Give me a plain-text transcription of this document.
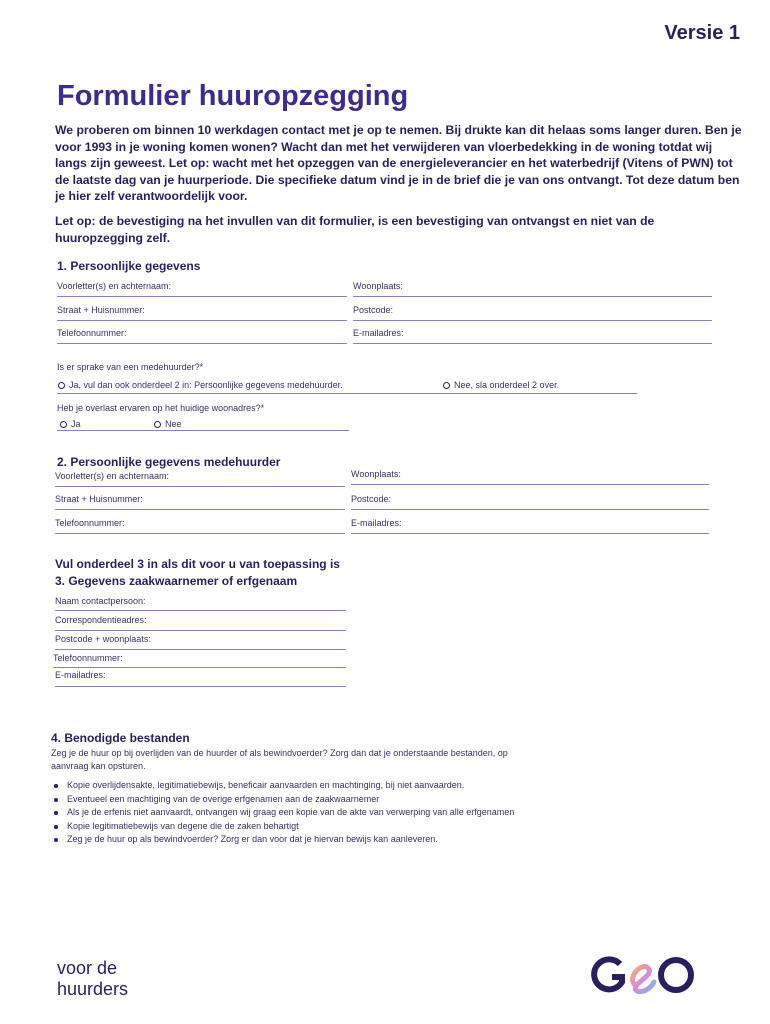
Versie 1
Formulier huuropzegging
We proberen om binnen 10 werkdagen contact met je op te nemen. Bij drukte kan dit helaas soms langer duren. Ben je voor 1993 in je woning komen wonen? Wacht dan met het verwijderen van vloerbedekking in de woning totdat wij langs zijn geweest. Let op: wacht met het opzeggen van de energieleverancier en het waterbedrijf (Vitens of PWN) tot de laatste dag van je huurperiode. Die specifieke datum vind je in de brief die je van ons ontvangt. Tot deze datum ben je hier zelf verantwoordelijk voor.
Let op: de bevestiging na het invullen van dit formulier, is een bevestiging van ontvangst en niet van de huuropzegging zelf.
1. Persoonlijke gegevens
Voorletter(s) en achternaam:	Woonplaats:
Straat + Huisnummer:	Postcode:
Telefoonnummer:	E-mailadres:
Is er sprake van een medehuurder?*
Ja, vul dan ook onderdeel 2 in: Persoonlijke gegevens medehuurder.	Nee, sla onderdeel 2 over.
Heb je overlast ervaren op het huidige woonadres?*
Ja	Nee
2. Persoonlijke gegevens medehuurder
Voorletter(s) en achternaam:	Woonplaats:
Straat + Huisnummer:	Postcode:
Telefoonnummer:	E-mailadres:
Vul onderdeel 3 in als dit voor u van toepassing is
3. Gegevens zaakwaarnemer of erfgenaam
Naam contactpersoon:
Correspondentieadres:
Postcode + woonplaats:
Telefoonnummer:
E-mailadres:
4. Benodigde bestanden
Zeg je de huur op bij overlijden van de huurder of als bewindvoerder? Zorg dan dat je onderstaande bestanden, op aanvraag kan opsturen.
Kopie overlijdensakte, legitimatiebewijs, beneficair aanvaarden en machtinging, bij niet aanvaarden.
Eventueel een machtiging van de overige erfgenamen aan de zaakwaarnemer
Als je de erfenis niet aanvaardt, ontvangen wij graag een kopie van de akte van verwerping van alle erfgenamen
Kopie legitimatiebewijs van degene die de zaken behartigt
Zeg je de huur op als bewindvoerder? Zorg er dan voor dat je hiervan bewijs kan aanleveren.
voor de
huurders
